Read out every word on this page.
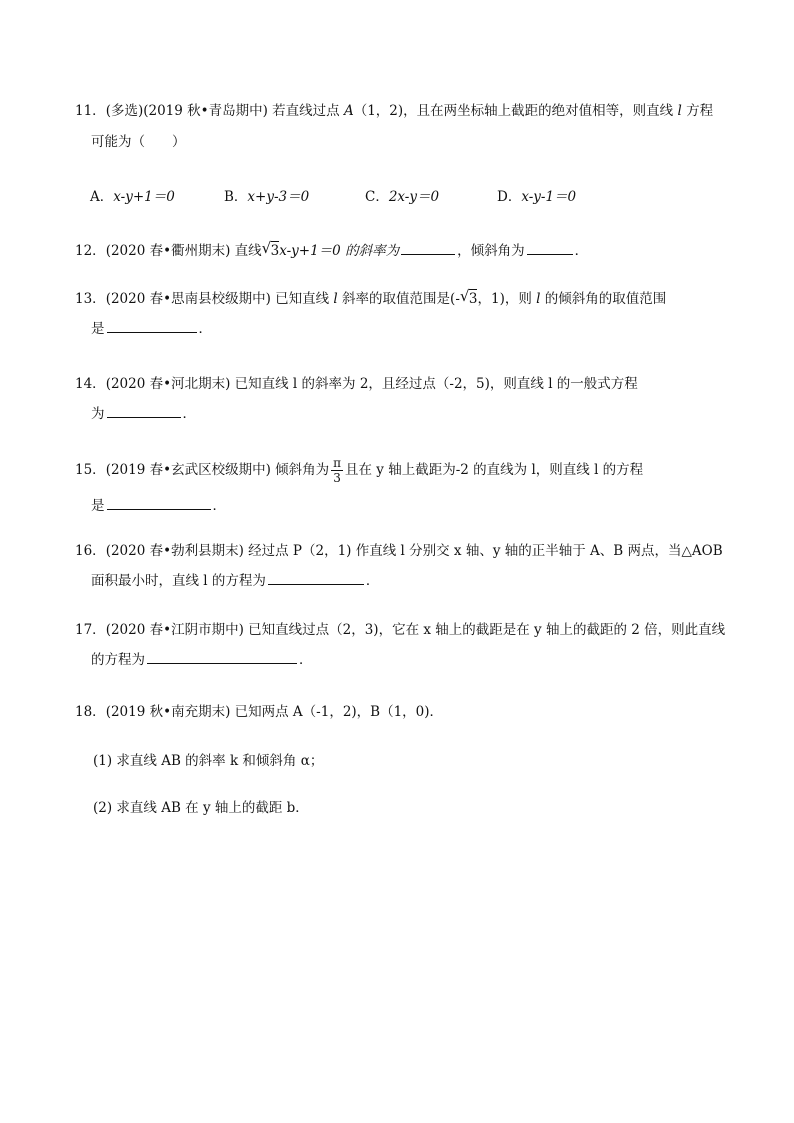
11．(多选)(2019 秋•青岛期中) 若直线过点 A（1，2)，且在两坐标轴上截距的绝对值相等，则直线 l 方程
可能为（　　）
A．x-y+1＝0	B．x+y-3＝0	C．2x-y＝0	D．x-y-1＝0
12．(2020 春•衢州期末) 直线 √ 3x-y+1＝0 的斜率为	，倾斜角为	．
13．(2020 春•思南县校级期中) 已知直线 l 斜率的取值范围是(- √ 3，1)，则 l 的倾斜角的取值范围
是	．
14．(2020 春•河北期末) 已知直线 l 的斜率为 2，且经过点（-2，5)，则直线 l 的一般式方程
为	．
15．(2019 春•玄武区校级期中) 倾斜角为 $\frac{\pi}{3}$ 且在 y 轴上截距为-2 的直线为 l，则直线 l 的方程
是	．
16．(2020 春•勃利县期末) 经过点 P（2，1) 作直线 l 分别交 x 轴、y 轴的正半轴于 A、B 两点，当△AOB
面积最小时，直线 l 的方程为	．
17．(2020 春•江阴市期中) 已知直线过点（2，3)，它在 x 轴上的截距是在 y 轴上的截距的 2 倍，则此直线
的方程为	．
18．(2019 秋•南充期末) 已知两点 A（-1，2)，B（1，0)．
(1) 求直线 AB 的斜率 k 和倾斜角 α；
(2) 求直线 AB 在 y 轴上的截距 b．
